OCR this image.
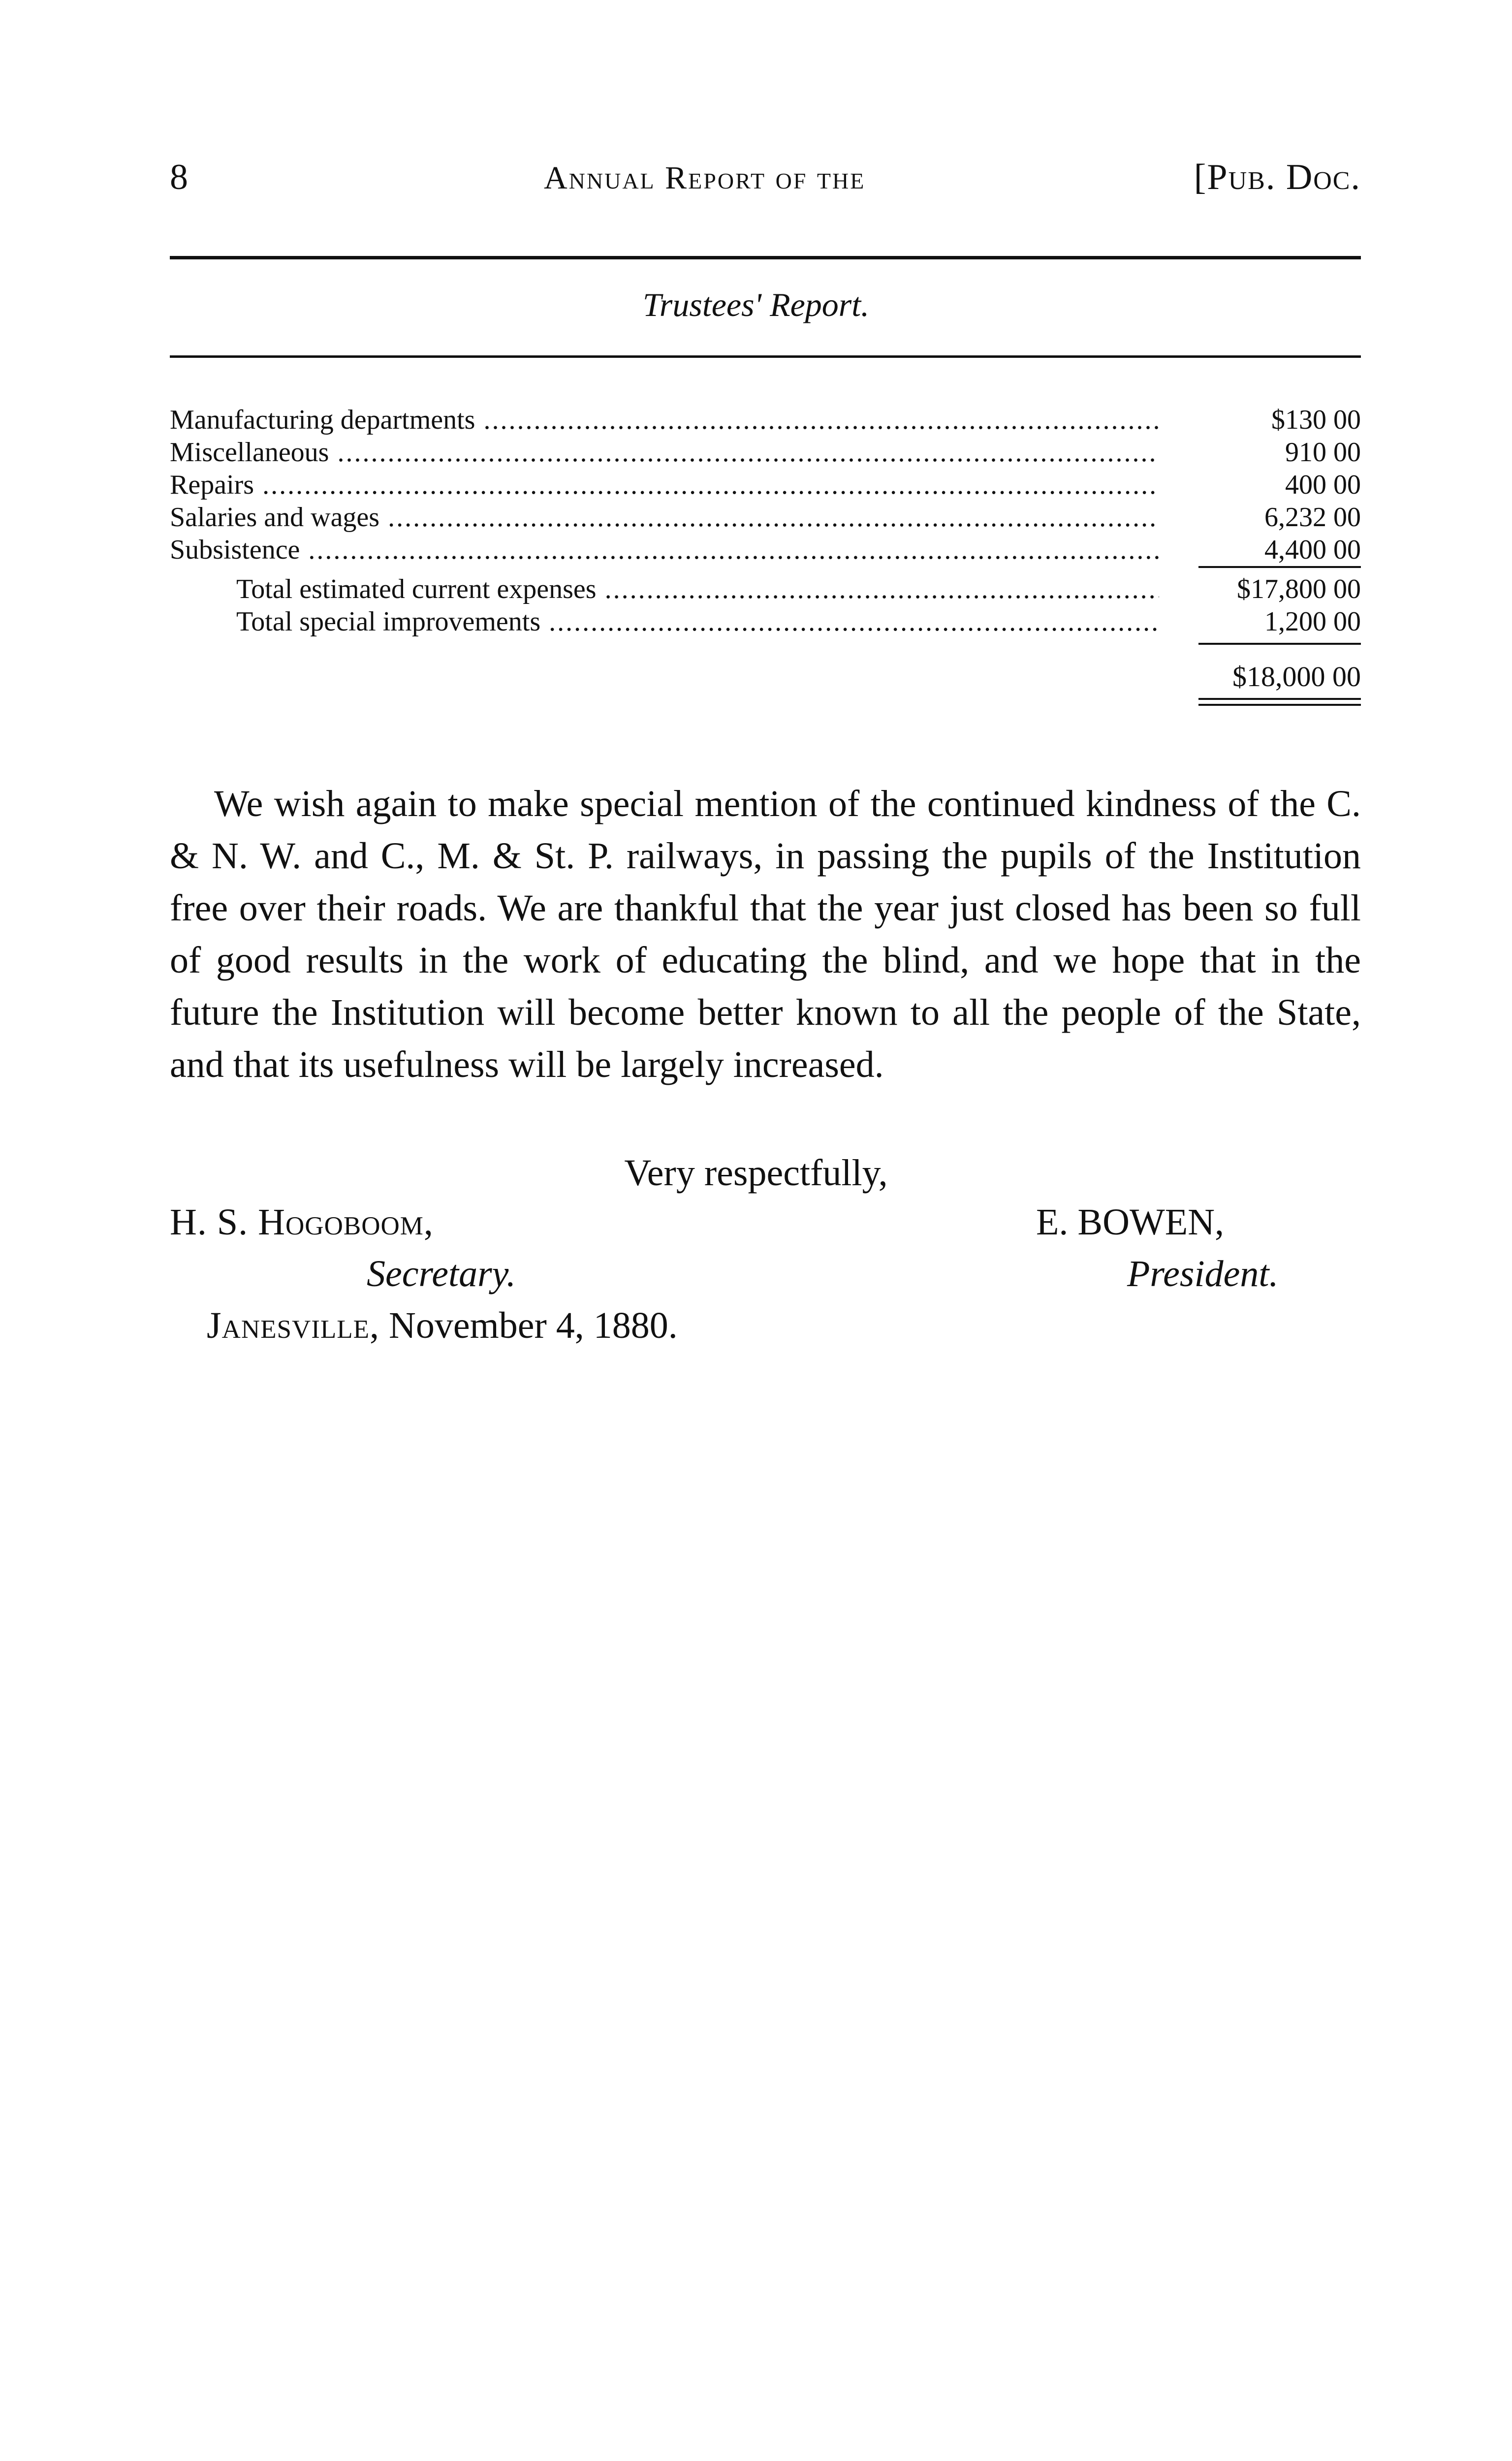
8	Annual Report of the	[Pub. Doc.
Trustees' Report.
Manufacturing departments .....	$130 00
Miscellaneous .....	910 00
Repairs .....	400 00
Salaries and wages .....	6,232 00
Subsistence .....	4,400 00
Total estimated current expenses .....	$17,800 00
Total special improvements .....	1,200 00
$18,000 00

We wish again to make special mention of the continued kindness of the C. & N. W. and C., M. & St. P. railways, in passing the pupils of the Institution free over their roads. We are thankful that the year just closed has been so full of good results in the work of educating the blind, and we hope that in the future the Institution will become better known to all the people of the State, and that its usefulness will be largely increased.

Very respectfully,
H. S. Hogoboom,
Secretary.
E. BOWEN,
President.
Janesville, November 4, 1880.
